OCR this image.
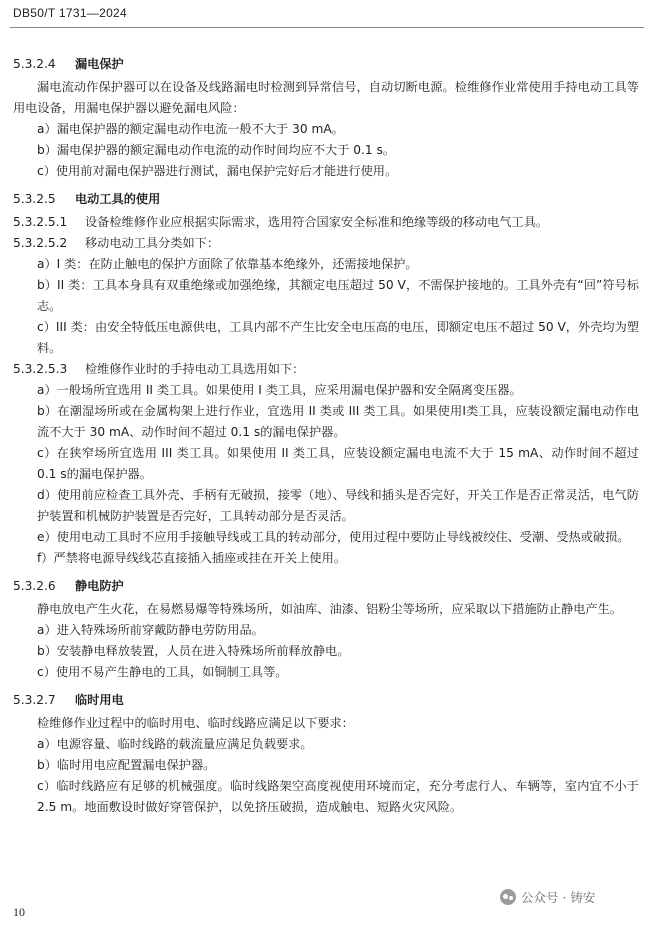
DB50/T 1731—2024
5.3.2.4 漏电保护

漏电流动作保护器可以在设备及线路漏电时检测到异常信号，自动切断电源。检维修作业常使用手持电动工具等用电设备，用漏电保护器以避免漏电风险：

a）漏电保护器的额定漏电动作电流一般不大于 30 mA。

b）漏电保护器的额定漏电动作电流的动作时间均应不大于 0.1 s。

c）使用前对漏电保护器进行测试，漏电保护完好后才能进行使用。

5.3.2.5 电动工具的使用

5.3.2.5.1 设备检维修作业应根据实际需求，选用符合国家安全标准和绝缘等级的移动电气工具。

5.3.2.5.2 移动电动工具分类如下：

a）I 类：在防止触电的保护方面除了依靠基本绝缘外，还需接地保护。

b）II 类：工具本身具有双重绝缘或加强绝缘，其额定电压超过 50 V，不需保护接地的。工具外壳有“回”符号标志。

c）III 类：由安全特低压电源供电，工具内部不产生比安全电压高的电压，即额定电压不超过 50 V，外壳均为塑料。

5.3.2.5.3 检维修作业时的手持电动工具选用如下：

a）一般场所宜选用 II 类工具。如果使用 I 类工具，应采用漏电保护器和安全隔离变压器。

b）在潮湿场所或在金属构架上进行作业，宜选用 II 类或 III 类工具。如果使用I类工具，应装设额定漏电动作电流不大于 30 mA、动作时间不超过 0.1 s的漏电保护器。

c）在狭窄场所宜选用 III 类工具。如果使用 II 类工具，应装设额定漏电电流不大于 15 mA、动作时间不超过 0.1 s的漏电保护器。

d）使用前应检查工具外壳、手柄有无破损，接零（地）、导线和插头是否完好，开关工作是否正常灵活，电气防护装置和机械防护装置是否完好，工具转动部分是否灵活。

e）使用电动工具时不应用手接触导线或工具的转动部分，使用过程中要防止导线被绞住、受潮、受热或破损。

f）严禁将电源导线线芯直接插入插座或挂在开关上使用。

5.3.2.6 静电防护

静电放电产生火花，在易燃易爆等特殊场所，如油库、油漆、铝粉尘等场所，应采取以下措施防止静电产生。

a）进入特殊场所前穿戴防静电劳防用品。

b）安装静电释放装置，人员在进入特殊场所前释放静电。

c）使用不易产生静电的工具，如铜制工具等。

5.3.2.7 临时用电

检维修作业过程中的临时用电、临时线路应满足以下要求：

a）电源容量、临时线路的载流量应满足负载要求。

b）临时用电应配置漏电保护器。

c）临时线路应有足够的机械强度。临时线路架空高度视使用环境而定，充分考虑行人、车辆等，室内宜不小于 2.5 m。地面敷设时做好穿管保护，以免挤压破损，造成触电、短路火灾风险。

公众号 · 铸安
10
